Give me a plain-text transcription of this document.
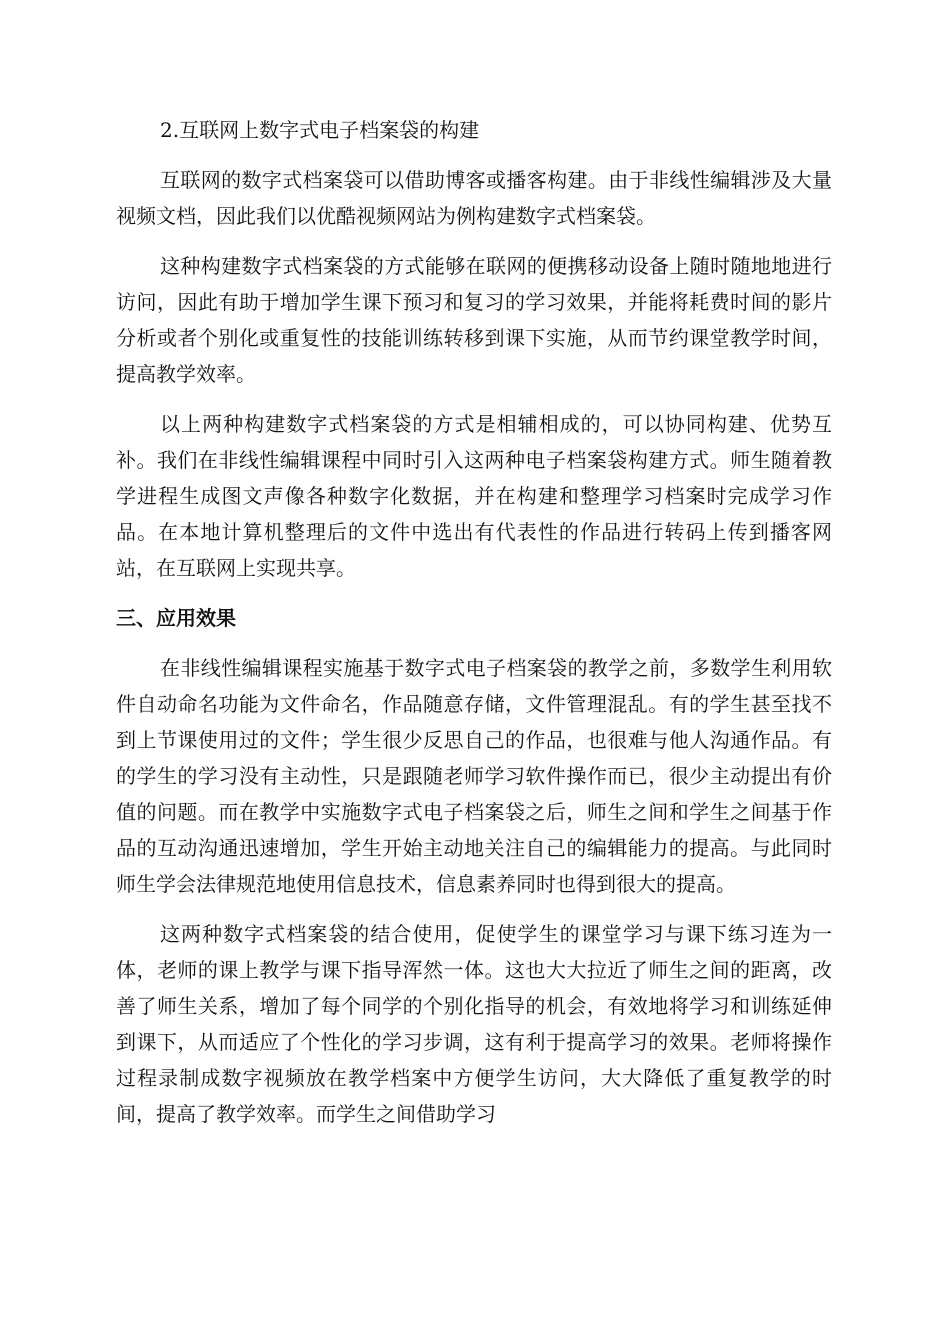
2.互联网上数字式电子档案袋的构建

互联网的数字式档案袋可以借助博客或播客构建。由于非线性编辑涉及大量视频文档，因此我们以优酷视频网站为例构建数字式档案袋。

这种构建数字式档案袋的方式能够在联网的便携移动设备上随时随地地进行访问，因此有助于增加学生课下预习和复习的学习效果，并能将耗费时间的影片分析或者个别化或重复性的技能训练转移到课下实施，从而节约课堂教学时间，提高教学效率。

以上两种构建数字式档案袋的方式是相辅相成的，可以协同构建、优势互补。我们在非线性编辑课程中同时引入这两种电子档案袋构建方式。师生随着教学进程生成图文声像各种数字化数据，并在构建和整理学习档案时完成学习作品。在本地计算机整理后的文件中选出有代表性的作品进行转码上传到播客网站，在互联网上实现共享。

三、应用效果

在非线性编辑课程实施基于数字式电子档案袋的教学之前，多数学生利用软件自动命名功能为文件命名，作品随意存储，文件管理混乱。有的学生甚至找不到上节课使用过的文件；学生很少反思自己的作品，也很难与他人沟通作品。有的学生的学习没有主动性，只是跟随老师学习软件操作而已，很少主动提出有价值的问题。而在教学中实施数字式电子档案袋之后，师生之间和学生之间基于作品的互动沟通迅速增加，学生开始主动地关注自己的编辑能力的提高。与此同时师生学会法律规范地使用信息技术，信息素养同时也得到很大的提高。

这两种数字式档案袋的结合使用，促使学生的课堂学习与课下练习连为一体，老师的课上教学与课下指导浑然一体。这也大大拉近了师生之间的距离，改善了师生关系，增加了每个同学的个别化指导的机会，有效地将学习和训练延伸到课下，从而适应了个性化的学习步调，这有利于提高学习的效果。老师将操作过程录制成数字视频放在教学档案中方便学生访问，大大降低了重复教学的时间，提高了教学效率。而学生之间借助学习
